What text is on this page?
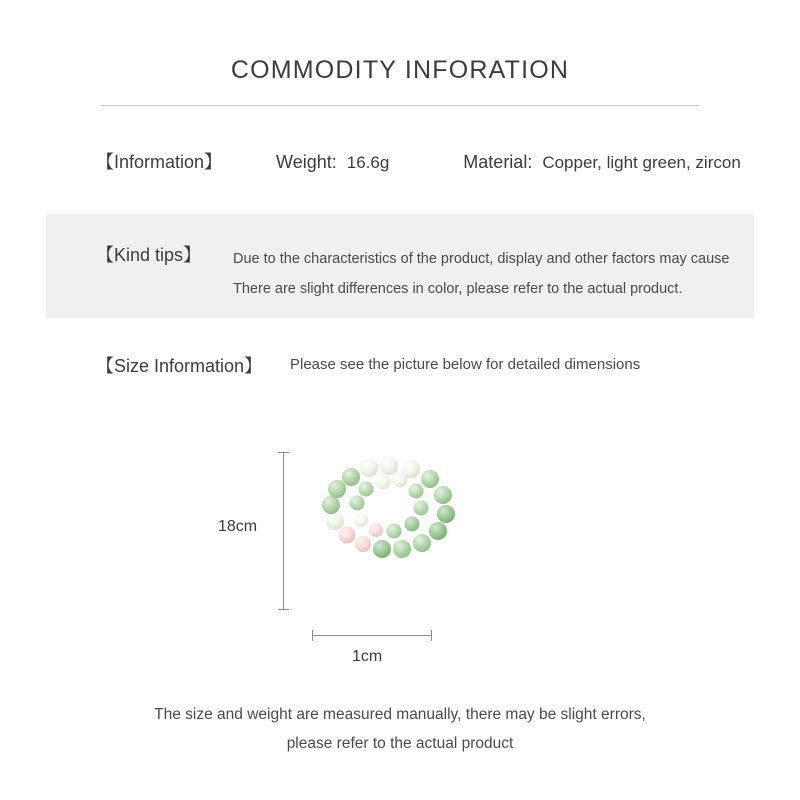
COMMODITY INFORATION
【Information】	Weight: 16.6g	Material: Copper, light green, zircon
【Kind tips】 Due to the characteristics of the product, display and other factors may cause
There are slight differences in color, please refer to the actual product.
【Size Information】 Please see the picture below for detailed dimensions
18cm
1cm
The size and weight are measured manually, there may be slight errors,
please refer to the actual product
